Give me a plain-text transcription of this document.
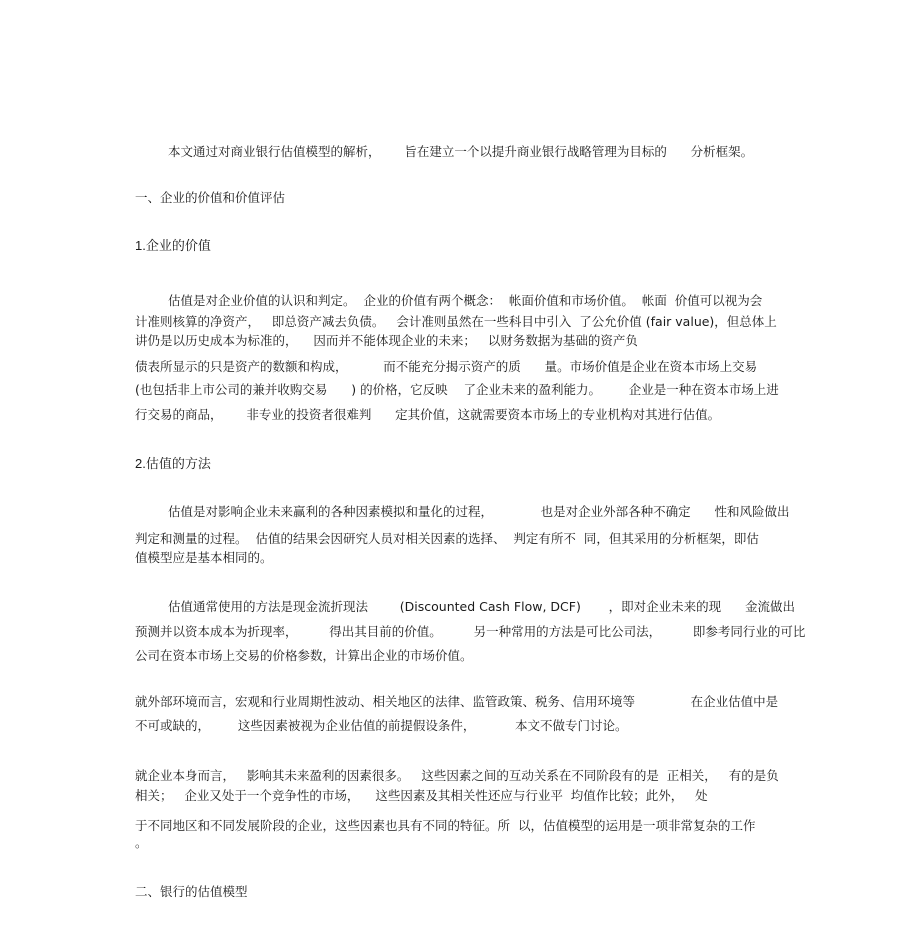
本文通过对商业银行估值模型的解析，      旨在建立一个以提升商业银行战略管理为目标的      分析框架。
一、企业的价值和价值评估
1.企业的价值
估值是对企业价值的认识和判定。  企业的价值有两个概念：  帐面价值和市场价值。  帐面  价值可以视为会
计准则核算的净资产，   即总资产减去负债。   会计准则虽然在一些科目中引入  了公允价值 (fair value)，但总体上
讲仍是以历史成本为标准的，    因而并不能体现企业的未来；   以财务数据为基础的资产负
债表所显示的只是资产的数额和构成，         而不能充分揭示资产的质      量。市场价值是企业在资本市场上交易
(也包括非上市公司的兼并收购交易      ) 的价格，它反映    了企业未来的盈利能力。       企业是一种在资本市场上进
行交易的商品，      非专业的投资者很难判      定其价值，这就需要资本市场上的专业机构对其进行估值。
2.估值的方法
估值是对影响企业未来赢利的各种因素模拟和量化的过程，            也是对企业外部各种不确定      性和风险做出
判定和测量的过程。  估值的结果会因研究人员对相关因素的选择、  判定有所不  同，但其采用的分析框架，即估
值模型应是基本相同的。
估值通常使用的方法是现金流折现法        (Discounted Cash Flow, DCF)       ，即对企业未来的现      金流做出
预测并以资本成本为折现率，        得出其目前的价值。        另一种常用的方法是可比公司法，        即参考同行业的可比
公司在资本市场上交易的价格参数，计算出企业的市场价值。
就外部环境而言，宏观和行业周期性波动、相关地区的法律、监管政策、税务、信用环境等              在企业估值中是
不可或缺的，       这些因素被视为企业估值的前提假设条件，          本文不做专门讨论。
就企业本身而言，   影响其未来盈利的因素很多。   这些因素之间的互动关系在不同阶段有的是  正相关，   有的是负
相关；   企业又处于一个竞争性的市场，    这些因素及其相关性还应与行业平  均值作比较；此外，   处
于不同地区和不同发展阶段的企业，这些因素也具有不同的特征。所  以，估值模型的运用是一项非常复杂的工作
。
二、银行的估值模型
